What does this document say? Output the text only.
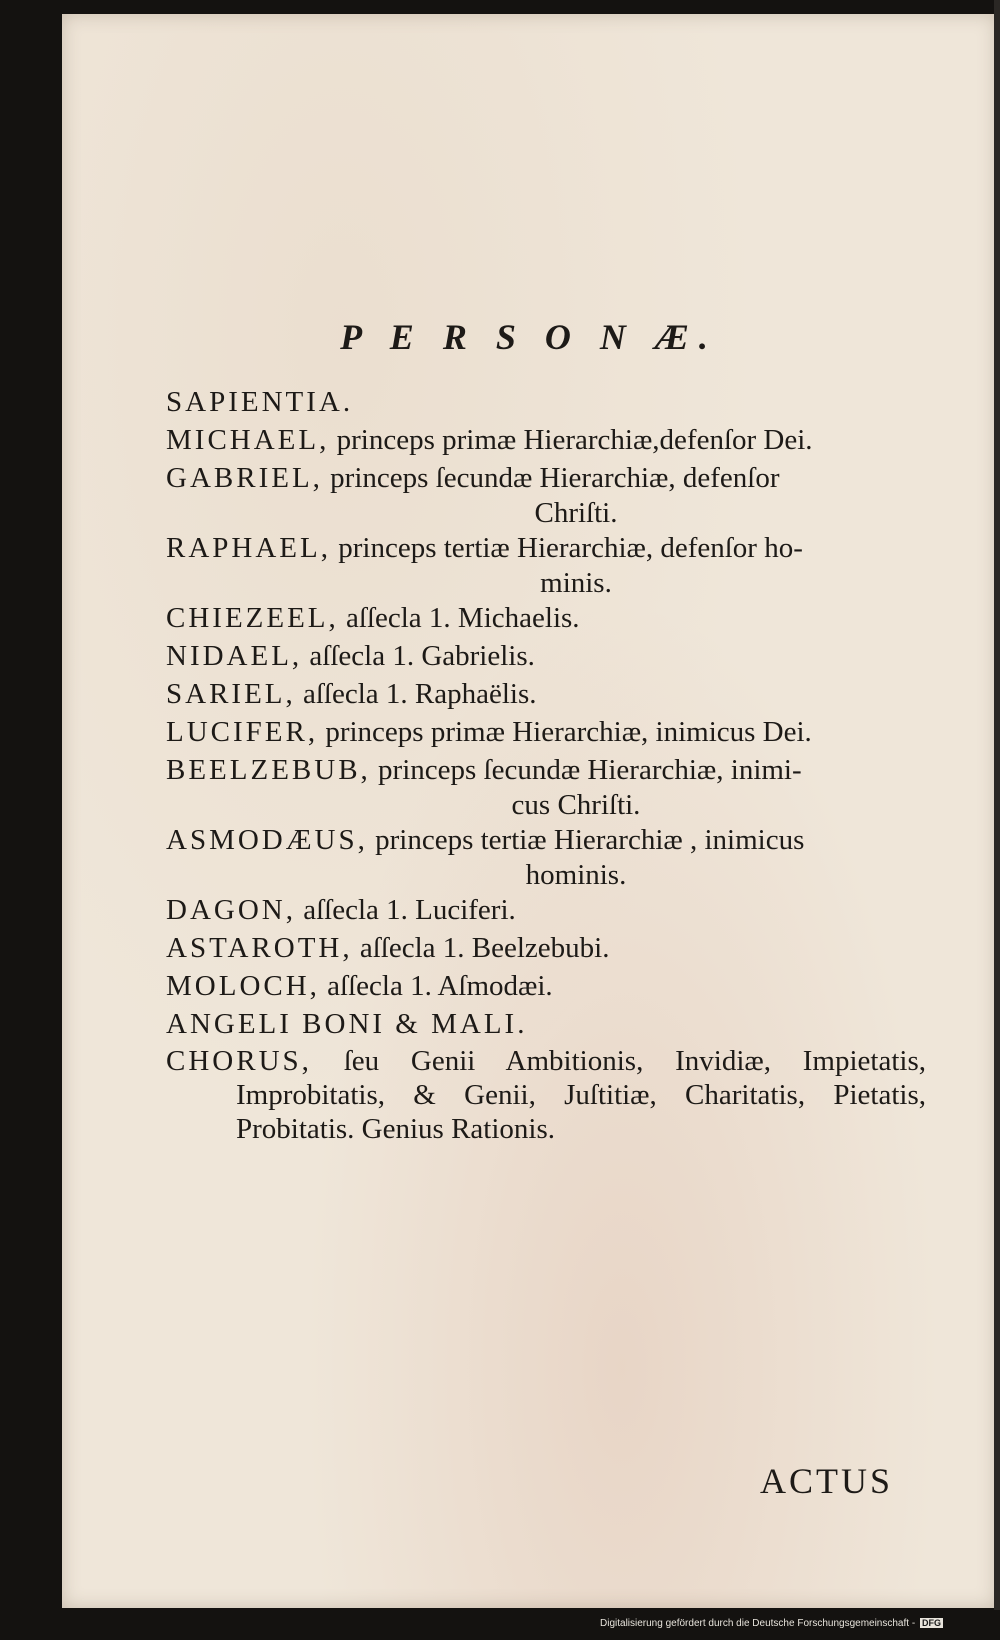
P E R S O N Æ.
SAPIENTIA.
MICHAEL, princeps primæ Hierarchiæ,defenſor Dei.
GABRIEL, princeps ſecundæ Hierarchiæ, defenſor
Chriſti.
RAPHAEL, princeps tertiæ Hierarchiæ, defenſor ho-
minis.
CHIEZEEL, aſſecla 1. Michaelis.
NIDAEL, aſſecla 1. Gabrielis.
SARIEL, aſſecla 1. Raphaëlis.
LUCIFER, princeps primæ Hierarchiæ, inimicus Dei.
BEELZEBUB, princeps ſecundæ Hierarchiæ, inimi-
cus Chriſti.
ASMODÆUS, princeps tertiæ Hierarchiæ , inimicus
hominis.
DAGON, aſſecla 1. Luciferi.
ASTAROTH, aſſecla 1. Beelzebubi.
MOLOCH, aſſecla 1. Aſmodæi.
ANGELI BONI & MALI.
CHORUS, ſeu Genii Ambitionis, Invidiæ, Impietatis, Improbitatis, & Genii, Juſtitiæ, Charitatis, Pietatis, Probitatis. Genius Rationis.
ACTUS
Digitalisierung gefördert durch die Deutsche Forschungsgemeinschaft - DFG
